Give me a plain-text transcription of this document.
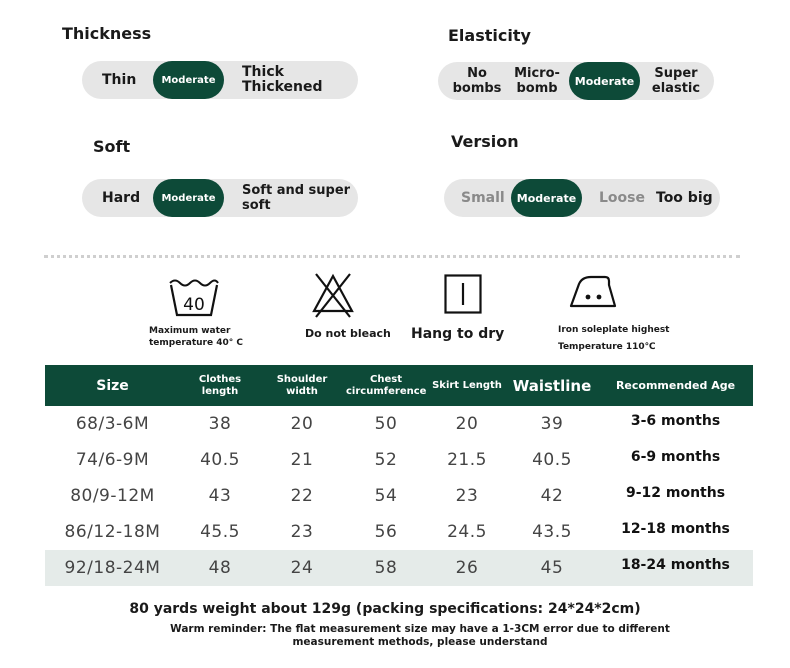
Thickness
Thin	Moderate	Thick Thickened
Elasticity
No bombs
Micro-bomb	Moderate	Super elastic
Soft
Hard	Moderate	Soft and super soft
Version
Small	Moderate	Loose Too big
40
Maximum water temperature 40° C
Do not bleach Hang to dry	Iron soleplate highest Temperature 110℃
Size	Clothes length	Shoulder width	Chest circumference	Skirt Length	Waistline	Recommended Age
68/3-6M	38	20	50	20	39	3-6 months
74/6-9M	40.5	21	52	21.5	40.5	6-9 months
80/9-12M	43	22	54	23	42	9-12 months
86/12-18M	45.5	23	56	24.5	43.5	12-18 months
92/18-24M	48	24	58	26	45	18-24 months
80 yards weight about 129g (packing specifications: 24*24*2cm)
Warm reminder: The flat measurement size may have a 1-3CM error due to different measurement methods, please understand
